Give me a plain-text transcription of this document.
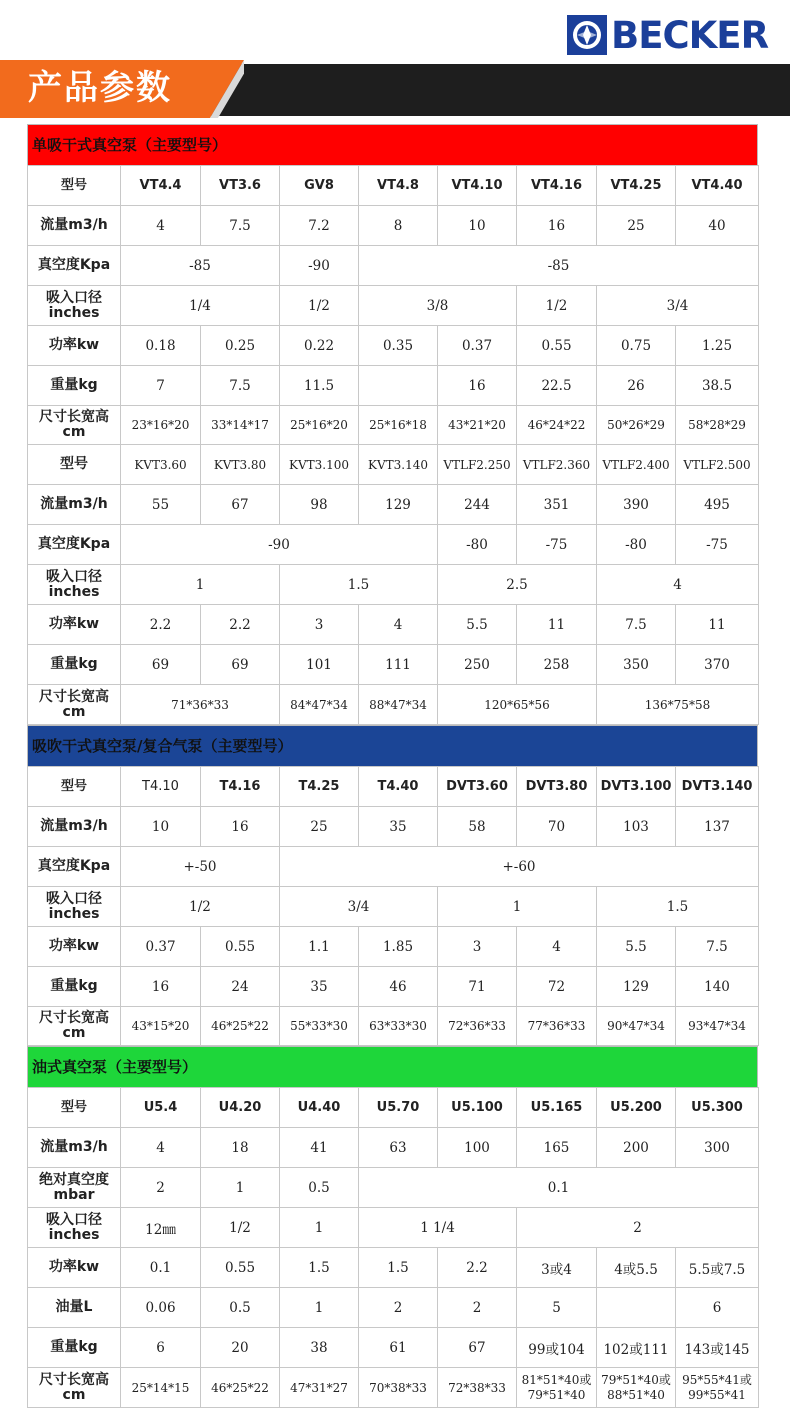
BECKER
产品参数
单吸干式真空泵（主要型号）
型号	VT4.4	VT3.6	GV8	VT4.8	VT4.10	VT4.16	VT4.25	VT4.40

流量m3/h	4	7.5	7.2	8	10	16	25	40

真空度Kpa	-85		-90	-85				

吸入口径
inches	1/4		1/2	3/8		1/2	3/4	

功率kw	0.18	0.25	0.22	0.35	0.37	0.55	0.75	1.25

重量kg	7	7.5	11.5		16	22.5	26	38.5

尺寸长宽高
cm	23*16*20	33*14*17	25*16*20	25*16*18	43*21*20	46*24*22	50*26*29	58*28*29

型号	KVT3.60	KVT3.80	KVT3.100	KVT3.140	VTLF2.250	VTLF2.360	VTLF2.400	VTLF2.500

流量m3/h	55	67	98	129	244	351	390	495

真空度Kpa	-90				-80	-75	-80	-75

吸入口径
inches	1		1.5		2.5		4	

功率kw	2.2	2.2	3	4	5.5	11	7.5	11

重量kg	69	69	101	111	250	258	350	370

尺寸长宽高
cm	71*36*33		84*47*34	88*47*34	120*65*56		136*75*58	
吸吹干式真空泵/复合气泵（主要型号）
型号	T4.10	T4.16	T4.25	T4.40	DVT3.60	DVT3.80	DVT3.100	DVT3.140

流量m3/h	10	16	25	35	58	70	103	137

真空度Kpa	+-50		+-60					

吸入口径
inches	1/2		3/4		1		1.5	

功率kw	0.37	0.55	1.1	1.85	3	4	5.5	7.5

重量kg	16	24	35	46	71	72	129	140

尺寸长宽高
cm	43*15*20	46*25*22	55*33*30	63*33*30	72*36*33	77*36*33	90*47*34	93*47*34
油式真空泵（主要型号）
型号	U5.4	U4.20	U4.40	U5.70	U5.100	U5.165	U5.200	U5.300

流量m3/h	4	18	41	63	100	165	200	300

绝对真空度
mbar	2	1	0.5	0.1				

吸入口径
inches	12㎜	1/2	1	1 1/4		2		

功率kw	0.1	0.55	1.5	1.5	2.2	3或4	4或5.5	5.5或7.5

油量L	0.06	0.5	1	2	2	5		6

重量kg	6	20	38	61	67	99或104	102或111	143或145

尺寸长宽高
cm	25*14*15	46*25*22	47*31*27	70*38*33	72*38*33	81*51*40或
79*51*40	79*51*40或
88*51*40	95*55*41或
99*55*41
